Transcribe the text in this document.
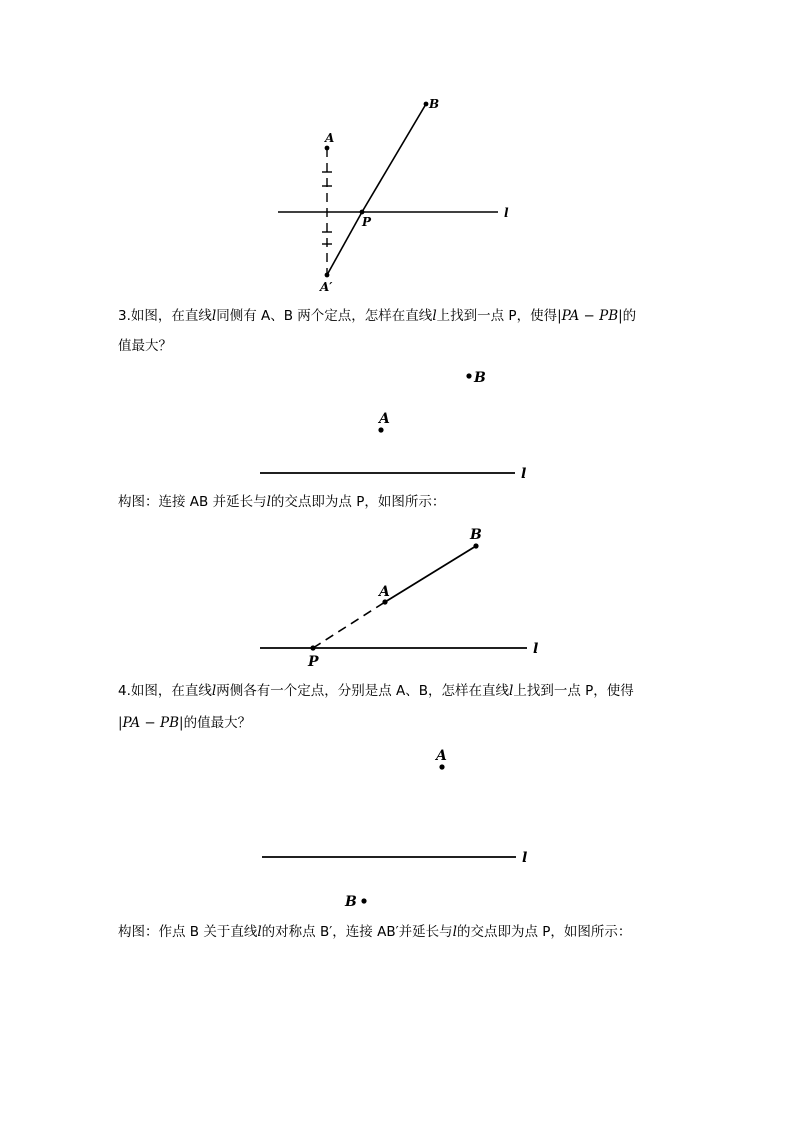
A
B
P
A′
l
3.如图，在直线l同侧有 A、B 两个定点，怎样在直线l上找到一点 P，使得|PA − PB|的
值最大？
A
B
l
构图：连接 AB 并延长与l的交点即为点 P，如图所示：
A
B
P
l
4.如图，在直线l两侧各有一个定点，分别是点 A、B，怎样在直线l上找到一点 P，使得
|PA − PB|的值最大？
A
B
l
构图：作点 B 关于直线l的对称点 B′，连接 AB′并延长与l的交点即为点 P，如图所示：
